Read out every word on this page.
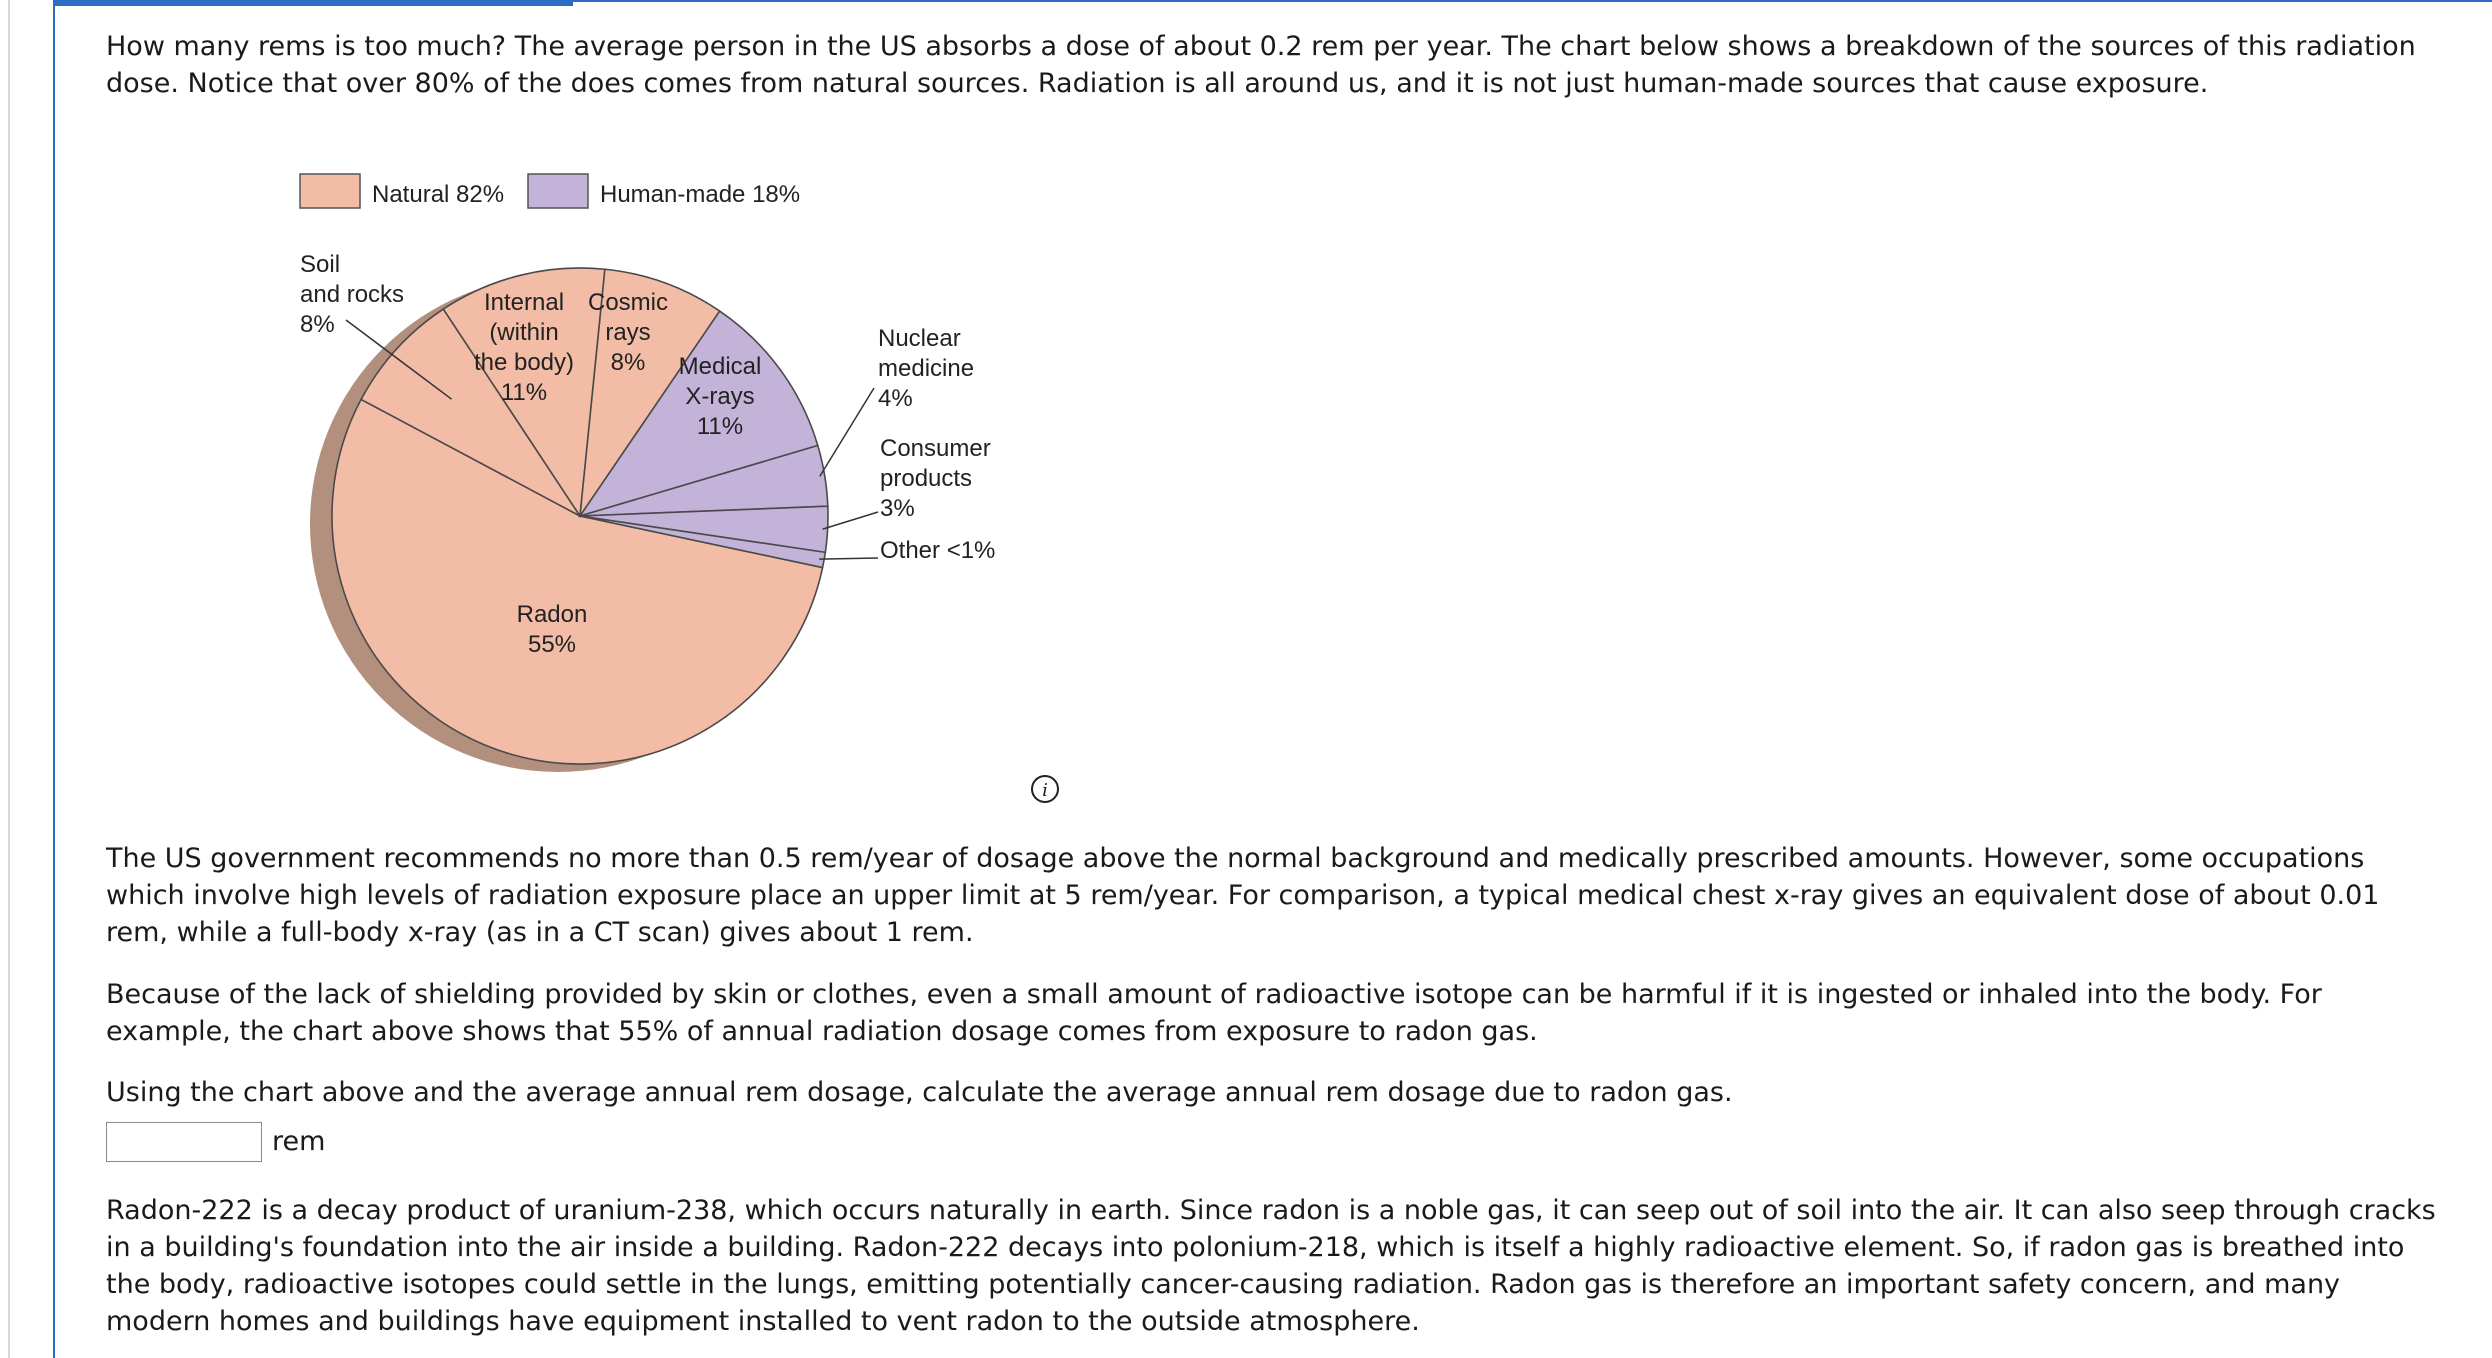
How many rems is too much? The average person in the US absorbs a dose of about 0.2 rem per year. The chart below shows a breakdown of the sources of this radiation dose. Notice that over 80% of the does comes from natural sources. Radiation is all around us, and it is not just human-made sources that cause exposure.

Natural 82%	Human-made 18%
Radon 55%
Soil and rocks 8%
Internal (within the body) 11%
Cosmic rays 8%	Medical X-rays 11%
Nuclear medicine 4%
Consumer products 3%
Other <1%
i

The US government recommends no more than 0.5 rem/year of dosage above the normal background and medically prescribed amounts. However, some occupations which involve high levels of radiation exposure place an upper limit at 5 rem/year. For comparison, a typical medical chest x-ray gives an equivalent dose of about 0.01 rem, while a full-body x-ray (as in a CT scan) gives about 1 rem.

Because of the lack of shielding provided by skin or clothes, even a small amount of radioactive isotope can be harmful if it is ingested or inhaled into the body. For example, the chart above shows that 55% of annual radiation dosage comes from exposure to radon gas.

Using the chart above and the average annual rem dosage, calculate the average annual rem dosage due to radon gas.

rem

Radon-222 is a decay product of uranium-238, which occurs naturally in earth. Since radon is a noble gas, it can seep out of soil into the air. It can also seep through cracks in a building's foundation into the air inside a building. Radon-222 decays into polonium-218, which is itself a highly radioactive element. So, if radon gas is breathed into the body, radioactive isotopes could settle in the lungs, emitting potentially cancer-causing radiation. Radon gas is therefore an important safety concern, and many modern homes and buildings have equipment installed to vent radon to the outside atmosphere.
